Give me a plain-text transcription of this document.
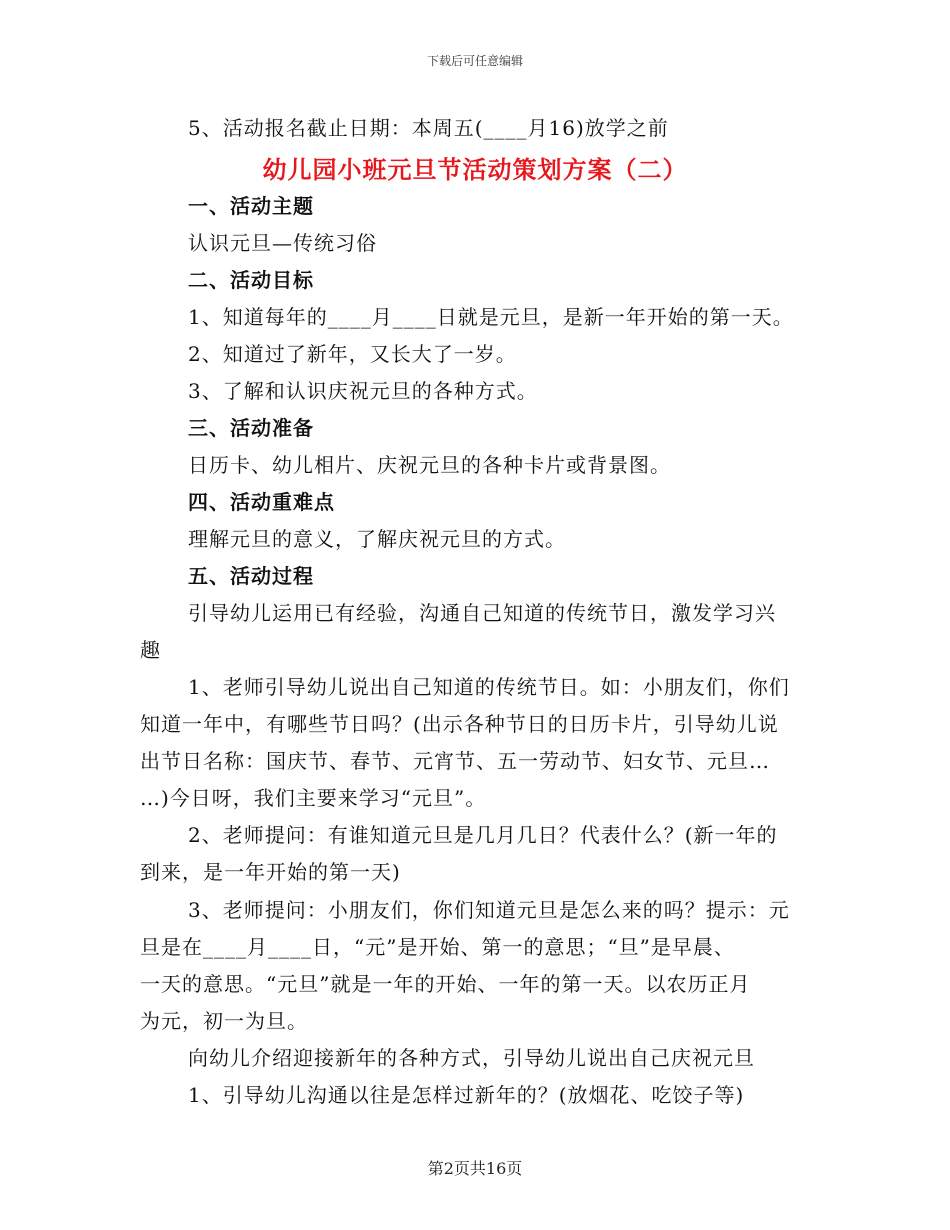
下载后可任意编辑

5、活动报名截止日期：本周五(____月16)放学之前

幼儿园小班元旦节活动策划方案（二）

一、活动主题

认识元旦—传统习俗

二、活动目标

1、知道每年的____月____日就是元旦，是新一年开始的第一天。

2、知道过了新年，又长大了一岁。

3、了解和认识庆祝元旦的各种方式。

三、活动准备

日历卡、幼儿相片、庆祝元旦的各种卡片或背景图。

四、活动重难点

理解元旦的意义，了解庆祝元旦的方式。

五、活动过程

引导幼儿运用已有经验，沟通自己知道的传统节日，激发学习兴

趣

1、老师引导幼儿说出自己知道的传统节日。如：小朋友们，你们

知道一年中，有哪些节日吗？(出示各种节日的日历卡片，引导幼儿说

出节日名称：国庆节、春节、元宵节、五一劳动节、妇女节、元旦…

…)今日呀，我们主要来学习“元旦”。

2、老师提问：有谁知道元旦是几月几日？代表什么？(新一年的

到来，是一年开始的第一天)

3、老师提问：小朋友们，你们知道元旦是怎么来的吗？提示：元

旦是在____月____日，“元”是开始、第一的意思；“旦”是早晨、

一天的意思。“元旦”就是一年的开始、一年的第一天。以农历正月

为元，初一为旦。

向幼儿介绍迎接新年的各种方式，引导幼儿说出自己庆祝元旦

1、引导幼儿沟通以往是怎样过新年的？(放烟花、吃饺子等)

第2页共16页
